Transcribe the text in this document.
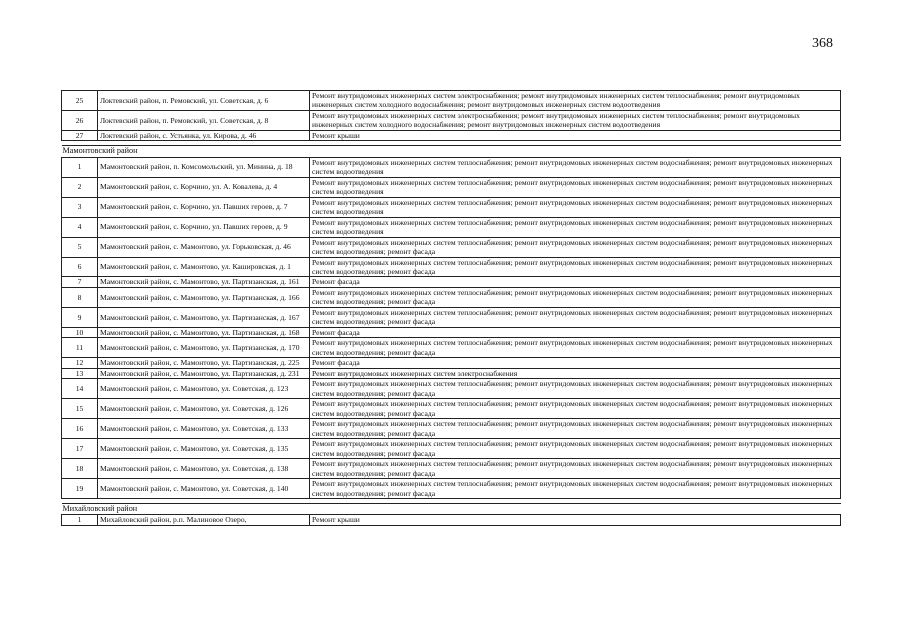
368
25	Локтевский район, п. Ремовский, ул. Советская, д. 6	Ремонт внутридомовых инженерных систем электроснабжения; ремонт внутридомовых инженерных систем теплоснабжения; ремонт внутридомовых инженерных систем холодного водоснабжения; ремонт внутридомовых инженерных систем водоотведения
26	Локтевский район, п. Ремовский, ул. Советская, д. 8	Ремонт внутридомовых инженерных систем электроснабжения; ремонт внутридомовых инженерных систем теплоснабжения; ремонт внутридомовых инженерных систем холодного водоснабжения; ремонт внутридомовых инженерных систем водоотведения
27	Локтевский район, с. Устьянка, ул. Кирова, д. 46	Ремонт крыши

Мамонтовский район		
1	Мамонтовский район, п. Комсомольский, ул. Минина, д. 18	Ремонт внутридомовых инженерных систем теплоснабжения; ремонт внутридомовых инженерных систем водоснабжения; ремонт внутридомовых инженерных систем водоотведения
2	Мамонтовский район, с. Корчино, ул. А. Ковалева, д. 4	Ремонт внутридомовых инженерных систем теплоснабжения; ремонт внутридомовых инженерных систем водоснабжения; ремонт внутридомовых инженерных систем водоотведения
3	Мамонтовский район, с. Корчино, ул. Павших героев, д. 7	Ремонт внутридомовых инженерных систем теплоснабжения; ремонт внутридомовых инженерных систем водоснабжения; ремонт внутридомовых инженерных систем водоотведения
4	Мамонтовский район, с. Корчино, ул. Павших героев, д. 9	Ремонт внутридомовых инженерных систем теплоснабжения; ремонт внутридомовых инженерных систем водоснабжения; ремонт внутридомовых инженерных систем водоотведения
5	Мамонтовский район, с. Мамонтово, ул. Горьковская, д. 46	Ремонт внутридомовых инженерных систем теплоснабжения; ремонт внутридомовых инженерных систем водоснабжения; ремонт внутридомовых инженерных систем водоотведения; ремонт фасада
6	Мамонтовский район, с. Мамонтово, ул. Кашировская, д. 1	Ремонт внутридомовых инженерных систем теплоснабжения; ремонт внутридомовых инженерных систем водоснабжения; ремонт внутридомовых инженерных систем водоотведения; ремонт фасада
7	Мамонтовский район, с. Мамонтово, ул. Партизанская, д. 161	Ремонт фасада
8	Мамонтовский район, с. Мамонтово, ул. Партизанская, д. 166	Ремонт внутридомовых инженерных систем теплоснабжения; ремонт внутридомовых инженерных систем водоснабжения; ремонт внутридомовых инженерных систем водоотведения; ремонт фасада
9	Мамонтовский район, с. Мамонтово, ул. Партизанская, д. 167	Ремонт внутридомовых инженерных систем теплоснабжения; ремонт внутридомовых инженерных систем водоснабжения; ремонт внутридомовых инженерных систем водоотведения; ремонт фасада
10	Мамонтовский район, с. Мамонтово, ул. Партизанская, д. 168	Ремонт фасада
11	Мамонтовский район, с. Мамонтово, ул. Партизанская, д. 170	Ремонт внутридомовых инженерных систем теплоснабжения; ремонт внутридомовых инженерных систем водоснабжения; ремонт внутридомовых инженерных систем водоотведения; ремонт фасада
12	Мамонтовский район, с. Мамонтово, ул. Партизанская, д. 225	Ремонт фасада
13	Мамонтовский район, с. Мамонтово, ул. Партизанская, д. 231	Ремонт внутридомовых инженерных систем электроснабжения
14	Мамонтовский район, с. Мамонтово, ул. Советская, д. 123	Ремонт внутридомовых инженерных систем теплоснабжения; ремонт внутридомовых инженерных систем водоснабжения; ремонт внутридомовых инженерных систем водоотведения; ремонт фасада
15	Мамонтовский район, с. Мамонтово, ул. Советская, д. 126	Ремонт внутридомовых инженерных систем теплоснабжения; ремонт внутридомовых инженерных систем водоснабжения; ремонт внутридомовых инженерных систем водоотведения; ремонт фасада
16	Мамонтовский район, с. Мамонтово, ул. Советская, д. 133	Ремонт внутридомовых инженерных систем теплоснабжения; ремонт внутридомовых инженерных систем водоснабжения; ремонт внутридомовых инженерных систем водоотведения; ремонт фасада
17	Мамонтовский район, с. Мамонтово, ул. Советская, д. 135	Ремонт внутридомовых инженерных систем теплоснабжения; ремонт внутридомовых инженерных систем водоснабжения; ремонт внутридомовых инженерных систем водоотведения; ремонт фасада
18	Мамонтовский район, с. Мамонтово, ул. Советская, д. 138	Ремонт внутридомовых инженерных систем теплоснабжения; ремонт внутридомовых инженерных систем водоснабжения; ремонт внутридомовых инженерных систем водоотведения; ремонт фасада
19	Мамонтовский район, с. Мамонтово, ул. Советская, д. 140	Ремонт внутридомовых инженерных систем теплоснабжения; ремонт внутридомовых инженерных систем водоснабжения; ремонт внутридомовых инженерных систем водоотведения; ремонт фасада

Михайловский район		
1	Михайловский район, р.п. Малиновое Озеро,	Ремонт крыши
